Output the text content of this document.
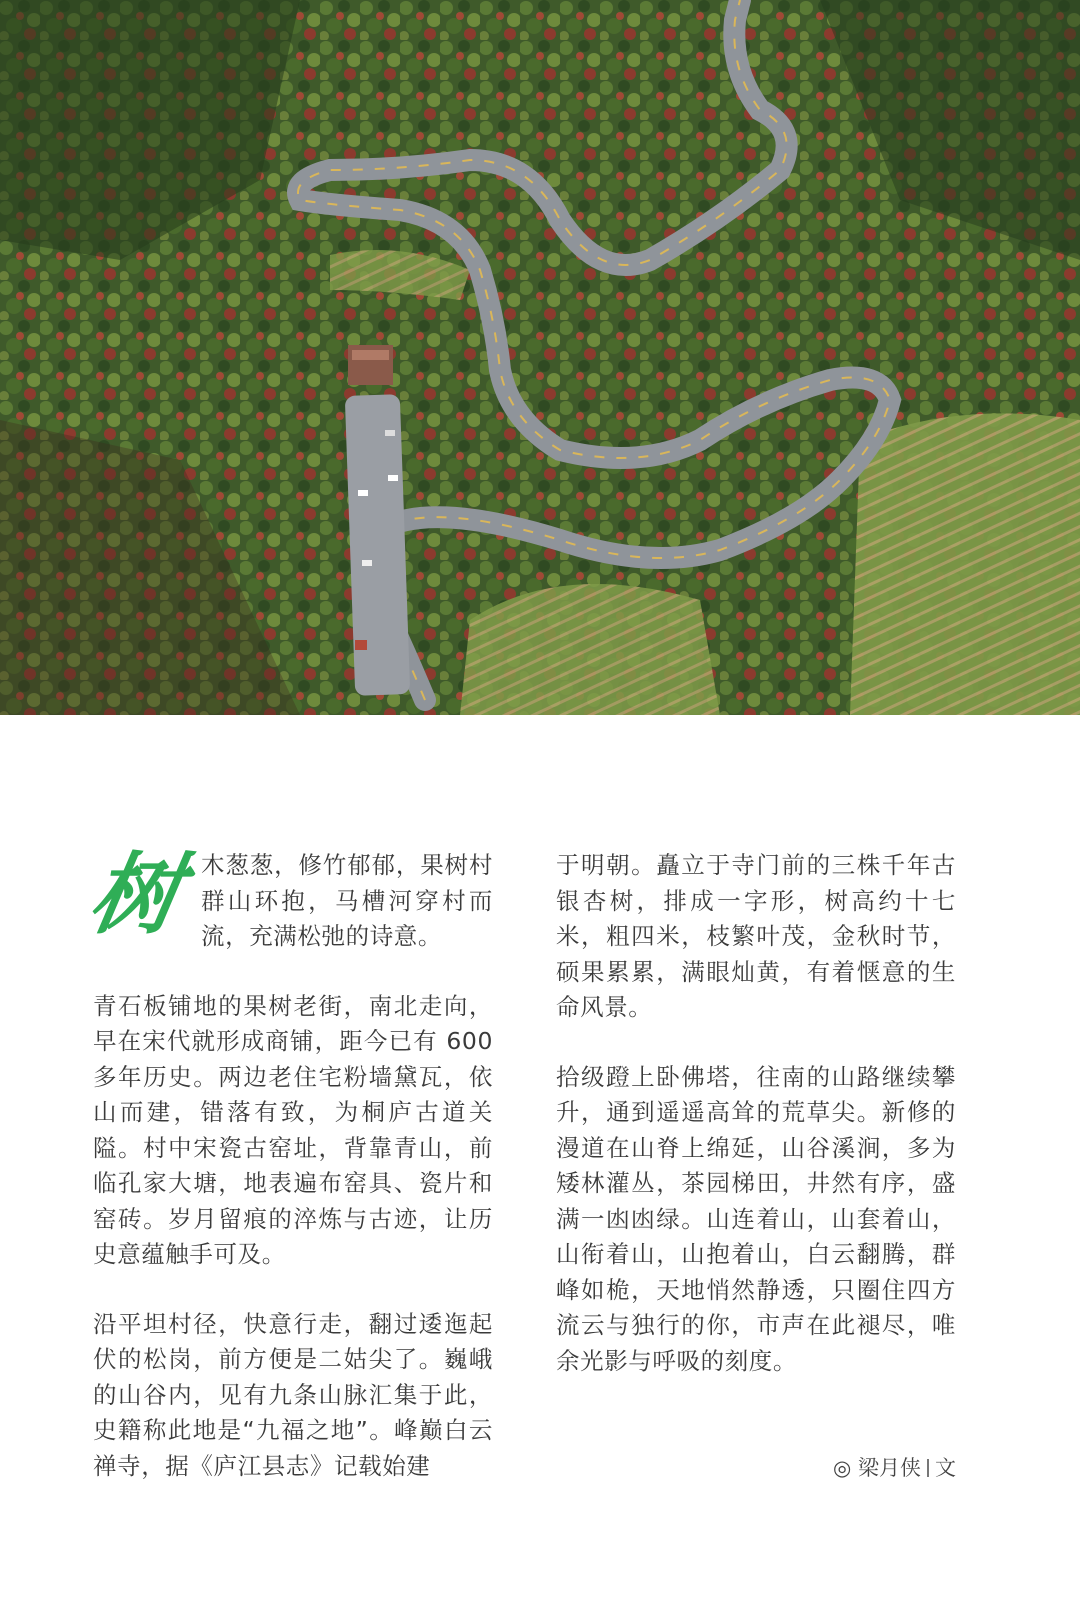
树 木葱葱，修竹郁郁，果树村群山环抱，马槽河穿村而流，充满松弛的诗意。

青石板铺地的果树老街，南北走向，早在宋代就形成商铺，距今已有 600 多年历史。两边老住宅粉墙黛瓦，依山而建，错落有致，为桐庐古道关隘。村中宋瓷古窑址，背靠青山，前临孔家大塘，地表遍布窑具、瓷片和窑砖。岁月留痕的淬炼与古迹，让历史意蕴触手可及。

沿平坦村径，快意行走，翻过逶迤起伏的松岗，前方便是二姑尖了。巍峨的山谷内，见有九条山脉汇集于此，史籍称此地是“九福之地”。峰巅白云禅寺，据《庐江县志》记载始建

于明朝。矗立于寺门前的三株千年古银杏树，排成一字形，树高约十七米，粗四米，枝繁叶茂，金秋时节，硕果累累，满眼灿黄，有着惬意的生命风景。

拾级蹬上卧佛塔，往南的山路继续攀升，通到遥遥高耸的荒草尖。新修的漫道在山脊上绵延，山谷溪涧，多为矮林灌丛，茶园梯田，井然有序，盛满一凼凼绿。山连着山，山套着山，山衔着山，山抱着山，白云翻腾，群峰如桅，天地悄然静透，只圈住四方流云与独行的你，市声在此褪尽，唯余光影与呼吸的刻度。

◎ 梁月侠 文
